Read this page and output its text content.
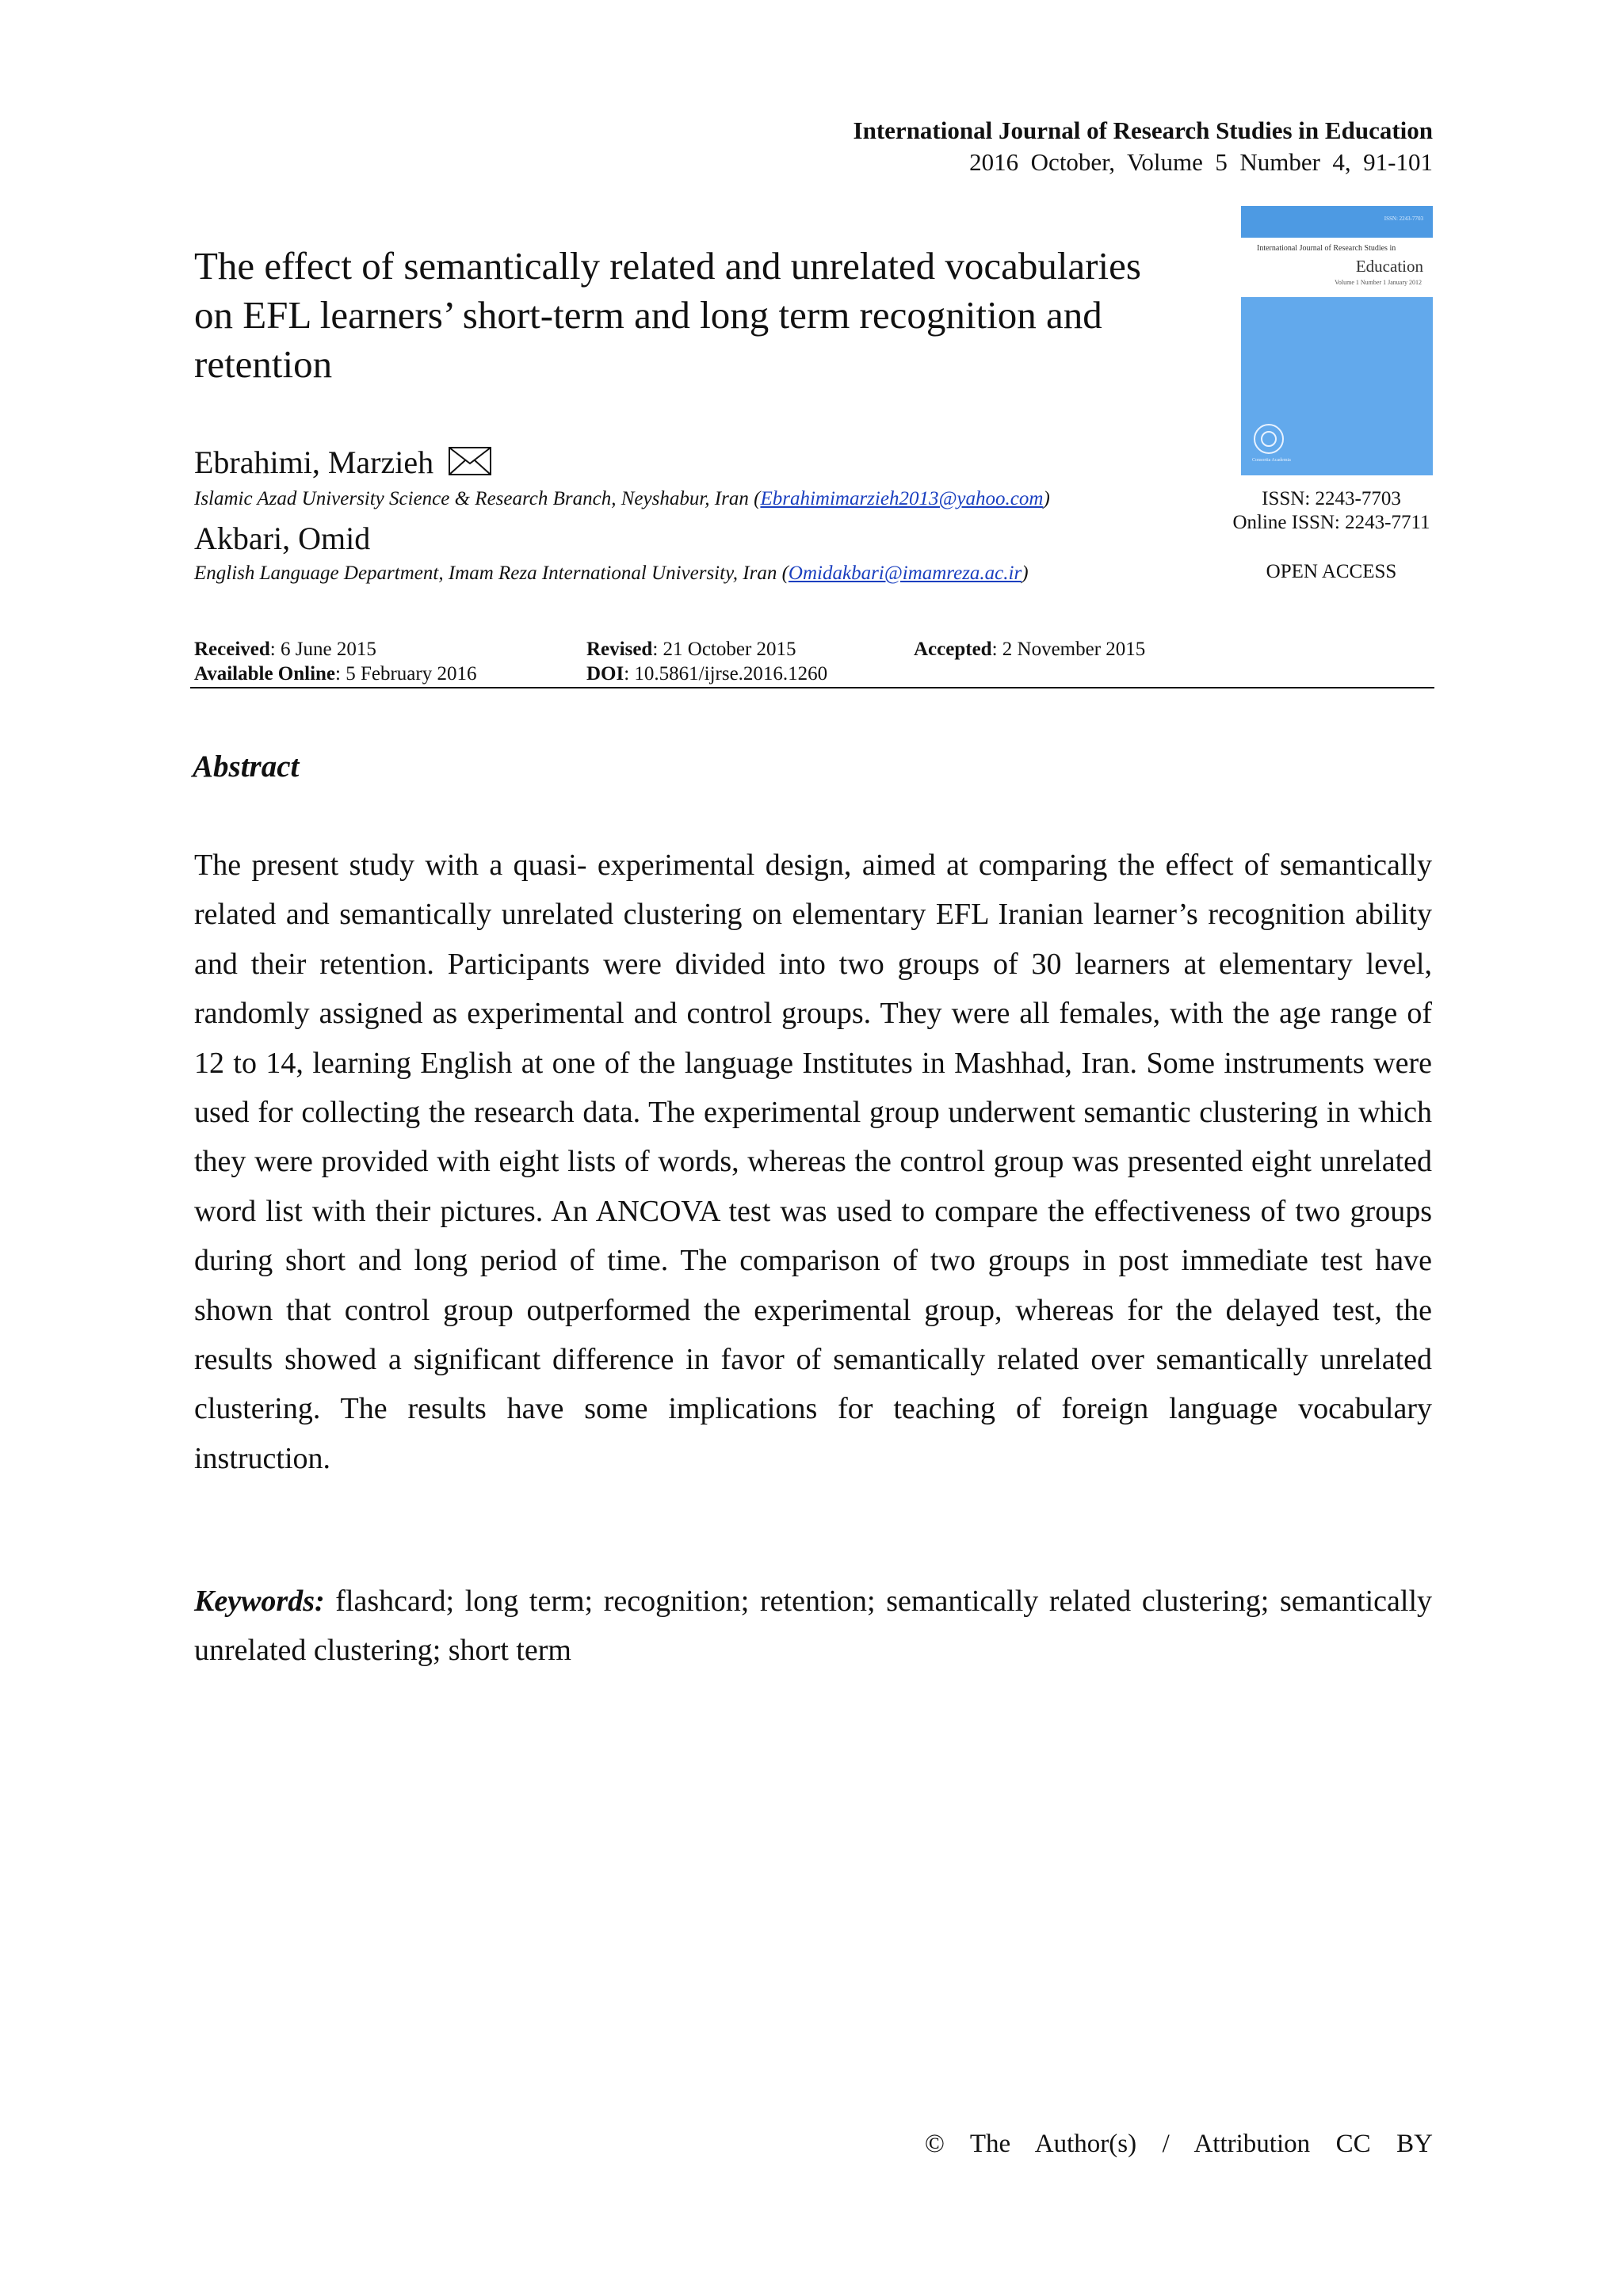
International Journal of Research Studies in Education
2016  October,  Volume  5  Number  4,  91-101
The effect of semantically related and unrelated vocabularies on EFL learners’ short-term and long term recognition and retention
Ebrahimi, Marzieh
Islamic Azad University Science & Research Branch, Neyshabur, Iran (Ebrahimimarzieh2013@yahoo.com)
Akbari, Omid
English Language Department, Imam Reza International University, Iran (Omidakbari@imamreza.ac.ir)
ISSN: 2243-7703
International Journal of Research Studies in
Education
Volume 1 Number 1 January 2012
Consortia Academia
ISSN: 2243-7703
Online ISSN: 2243-7711
OPEN ACCESS
Received: 6 June 2015	Revised: 21 October 2015	Accepted: 2 November 2015
Available Online: 5 February 2016	DOI: 10.5861/ijrse.2016.1260
Abstract
The present study with a quasi- experimental design, aimed at comparing the effect of semantically related and semantically unrelated clustering on elementary EFL Iranian learner’s recognition ability and their retention. Participants were divided into two groups of 30 learners at elementary level, randomly assigned as experimental and control groups. They were all females, with the age range of 12 to 14, learning English at one of the language Institutes in Mashhad, Iran. Some instruments were used for collecting the research data. The experimental group underwent semantic clustering in which they were provided with eight lists of words, whereas the control group was presented eight unrelated word list with their pictures. An ANCOVA test was used to compare the effectiveness of two groups during short and long period of time. The comparison of two groups in post immediate test have shown that control group outperformed the experimental group, whereas for the delayed test, the results showed a significant difference in favor of semantically related over semantically unrelated clustering. The results have some implications for teaching of foreign language vocabulary instruction.
Keywords: flashcard; long term; recognition; retention; semantically related clustering; semantically unrelated clustering; short term
©  The  Author(s)  /  Attribution  CC  BY
